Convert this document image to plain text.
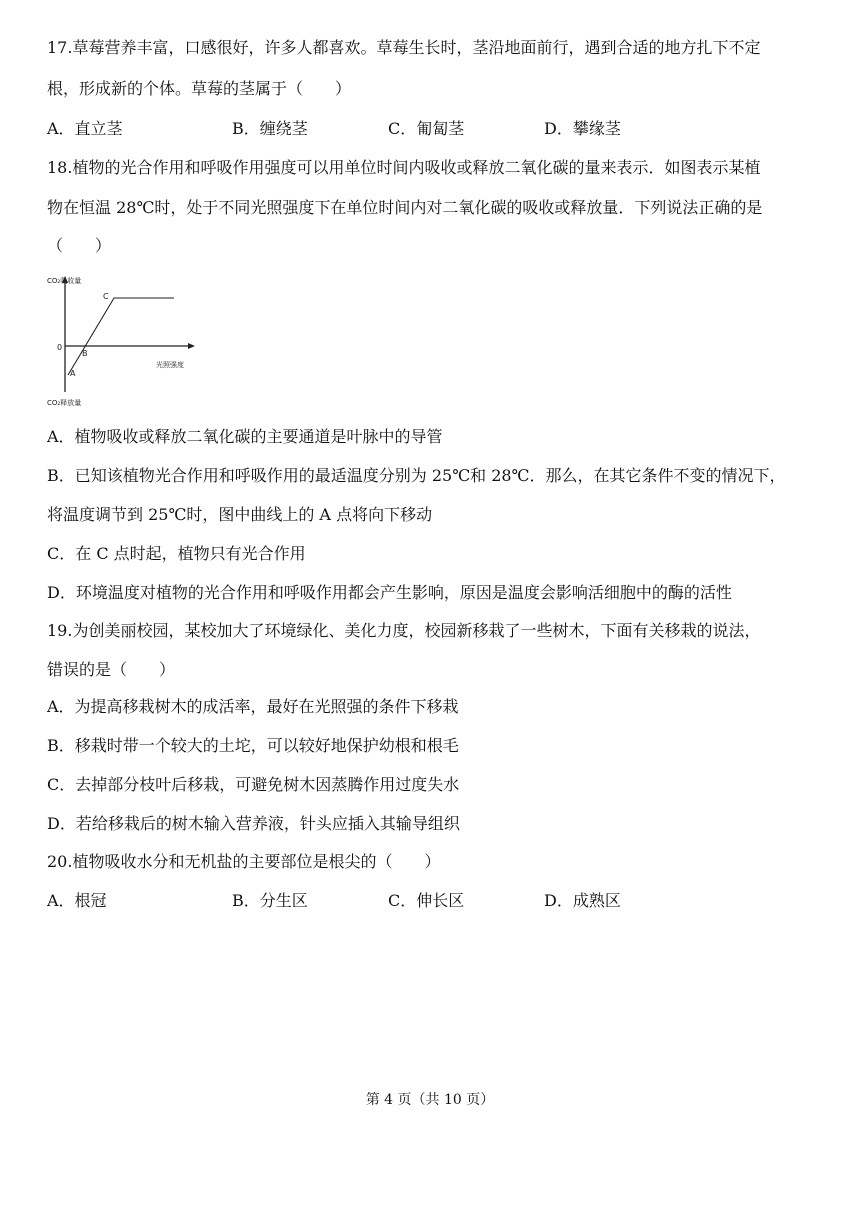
17.草莓营养丰富，口感很好，许多人都喜欢。草莓生长时，茎沿地面前行，遇到合适的地方扎下不定
根，形成新的个体。草莓的茎属于（　　）
A．直立茎	B．缠绕茎	C．匍匐茎	D．攀缘茎
18.植物的光合作用和呼吸作用强度可以用单位时间内吸收或释放二氧化碳的量来表示．如图表示某植
物在恒温 28℃时，处于不同光照强度下在单位时间内对二氧化碳的吸收或释放量．下列说法正确的是
（　　）
CO₂吸收量
CO₂释放量
光照强度
0
A
B
C
A．植物吸收或释放二氧化碳的主要通道是叶脉中的导管
B．已知该植物光合作用和呼吸作用的最适温度分别为 25℃和 28℃．那么，在其它条件不变的情况下，
将温度调节到 25℃时，图中曲线上的 A 点将向下移动
C．在 C 点时起，植物只有光合作用
D．环境温度对植物的光合作用和呼吸作用都会产生影响，原因是温度会影响活细胞中的酶的活性
19.为创美丽校园，某校加大了环境绿化、美化力度，校园新移栽了一些树木，下面有关移栽的说法，
错误的是（　　）
A．为提高移栽树木的成活率，最好在光照强的条件下移栽
B．移栽时带一个较大的土坨，可以较好地保护幼根和根毛
C．去掉部分枝叶后移栽，可避免树木因蒸腾作用过度失水
D．若给移栽后的树木输入营养液，针头应插入其输导组织
20.植物吸收水分和无机盐的主要部位是根尖的（　　）
A．根冠	B．分生区	C．伸长区	D．成熟区
第 4 页（共 10 页）
